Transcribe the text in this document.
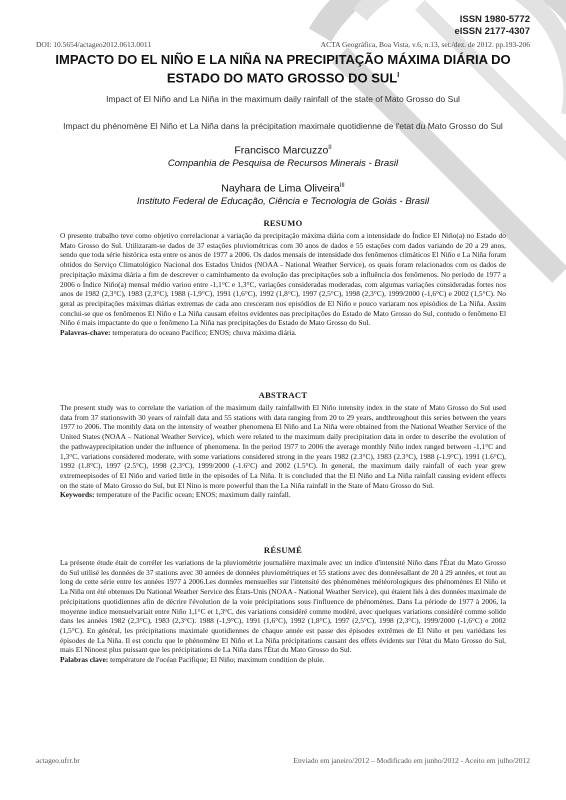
ISSN 1980-5772
eISSN 2177-4307
DOI: 10.5654/actageo2012.0613.0011	ACTA Geográfica, Boa Vista, v.6, n.13, set./dez. de 2012. pp.193-206
IMPACTO DO EL NIÑO E LA NIÑA NA PRECIPITAÇÃO MÁXIMA DIÁRIA DO ESTADO DO MATO GROSSO DO $SUL^I$
Impact of El Niño and La Niña in the maximum daily rainfall of the state of Mato Grosso do Sul
Impact du phénomène El Niño et La Niña dans la précipitation maximale quotidienne de l'etat du Mato Grosso do Sul
Francisco Marcuzzo$^{II}$
Companhia de Pesquisa de Recursos Minerais - Brasil
Nayhara de Lima Oliveira$^{III}$
Instituto Federal de Educação, Ciência e Tecnologia de Goiás - Brasil
RESUMO

O presente trabalho teve como objetivo correlacionar a variação da precipitação máxima diária com a intensidade do Índice El Niño(a) no Estado do Mato Grosso do Sul. Utilizaram-se dados de 37 estações pluviométricas com 30 anos de dados e 55 estações com dados variando de 20 a 29 anos, sendo que toda série histórica esta entre os anos de 1977 a 2006. Os dados mensais de intensidade dos fenômenos climáticos El Niño e La Niña foram obtidos do Serviço Climatológico Nacional dos Estados Unidos (NOAA - National Weather Service), os quais foram relacionados com os dados de precipitação máxima diária a fim de descrever o caminhamento da evolução das precipitações sob a influência dos fenômenos. No período de 1977 a 2006 o Índice Niño(a) mensal médio variou entre -1,1°C e 1,3°C, variações consideradas moderadas, com algumas variações consideradas fortes nos anos de 1982 (2,3°C), 1983 (2,3°C), 1988 (-1,9°C), 1991 (1,6°C), 1992 (1,8°C), 1997 (2,5°C), 1998 (2,3°C), 1999/2000 (-1,6°C) e 2002 (1,5°C). No geral as precipitações máximas diárias extremas de cada ano cresceram nos episódios de El Niño e pouco variaram nos episódios de La Niña. Assim conclui-se que os fenômenos El Niño e La Niña causam efeitos evidentes nas precipitações do Estado de Mato Grosso do Sul, contudo o fenômeno El Niño é mais impactante do que o fenômeno La Niña nas precipitações do Estado de Mato Grosso do Sul.

Palavras-chave: temperatura do oceano Pacífico; ENOS; chuva máxima diária.

ABSTRACT

The present study was to correlate the variation of the maximum daily rainfallwith El Niño intensity index in the state of Mato Grosso do Sul used data from 37 stationswith 30 years of rainfall data and 55 stations with data ranging from 20 to 29 years, andthroughout this series between the years 1977 to 2006. The monthly data on the intensity of weather phenomena El Niño and La Niña were obtained from the National Weather Service of the United States (NOAA – National Weather Service), which were related to the maximum daily precipitation data in order to describe the evolution of the pathwayprecipitation under the influence of phenomena. In the period 1977 to 2006 the average monthly Niño index ranged between -1,1°C and 1,3°C, variations considered moderate, with some variations considered strong in the years 1982 (2.3°C), 1983 (2.3°C), 1988 (-1.9°C), 1991 (1.6°C), 1992 (1.8°C), 1997 (2.5°C), 1998 (2.3°C), 1999/2000 (-1.6°C) and 2002 (1.5°C). In general, the maximum daily rainfall of each year grew extremeepisodes of El Niño and varied little in the episodes of La Niña. It is concluded that the El Niño and La Niña rainfall causing evident effects on the state of Mato Grosso do Sul, but El Nino is more powerful than the La Niña rainfall in the State of Mato Grosso do Sul.

Keywords: temperature of the Pacific ocean; ENOS; maximum daily rainfall.

RÉSUMÉ

La présente étude était de corréler les variations de la pluviométrie journalière maximale avec un indice d'intensité Niño dans l'État du Mato Grosso do Sul utilisé les données de 37 stations avec 30 années de données pluviométriques et 55 stations avec des donnéesallant de 20 à 29 années, et tout au long de cette série entre les années 1977 à 2006.Les données mensuelles sur l'intensité des phénomènes météorologiques des phénomènes El Niño et La Niña ont été obtenues Du National Weather Service des États-Unis (NOAA - National Weather Service), qui étaient liés à des données maximale de précipitations quotidiennes afin de décrire l'évolution de la voie précipitations sous l'influence de phénomènes. Dans La période de 1977 à 2006, la moyenne indice mensuelvariait entre Niño 1,1°C et 1,3°C, des variations considéré comme modéré, avec quelques variations considéré comme solide dans les années 1982 (2,3°C), 1983 (2,3°C). 1988 (-1,9°C), 1991 (1,6°C), 1992 (1,8°C), 1997 (2,5°C), 1998 (2,3°C), 1999/2000 (-1,6°C) e 2002 (1,5°C). En général, les précipitations maximale quotidiennes de chaque année est passe des épisodes extrêmes de El Niño et peu variédans les épisodes de La Niña. Il est conclu que le phénomène El Niño et La Niña précipitations causant des effets évidents sur l'état du Mato Grosso do Sul, mais El Ninoest plus puissant que les précipitations de La Niña dans l'État du Mato Grosso do Sul.

Palabras clave: température de l'océan Pacifique; El Niño; maximum condition de pluie.

actageo.ufrr.br	Enviado em janeiro/2012 – Modificado em junho/2012 - Aceito em julho/2012
